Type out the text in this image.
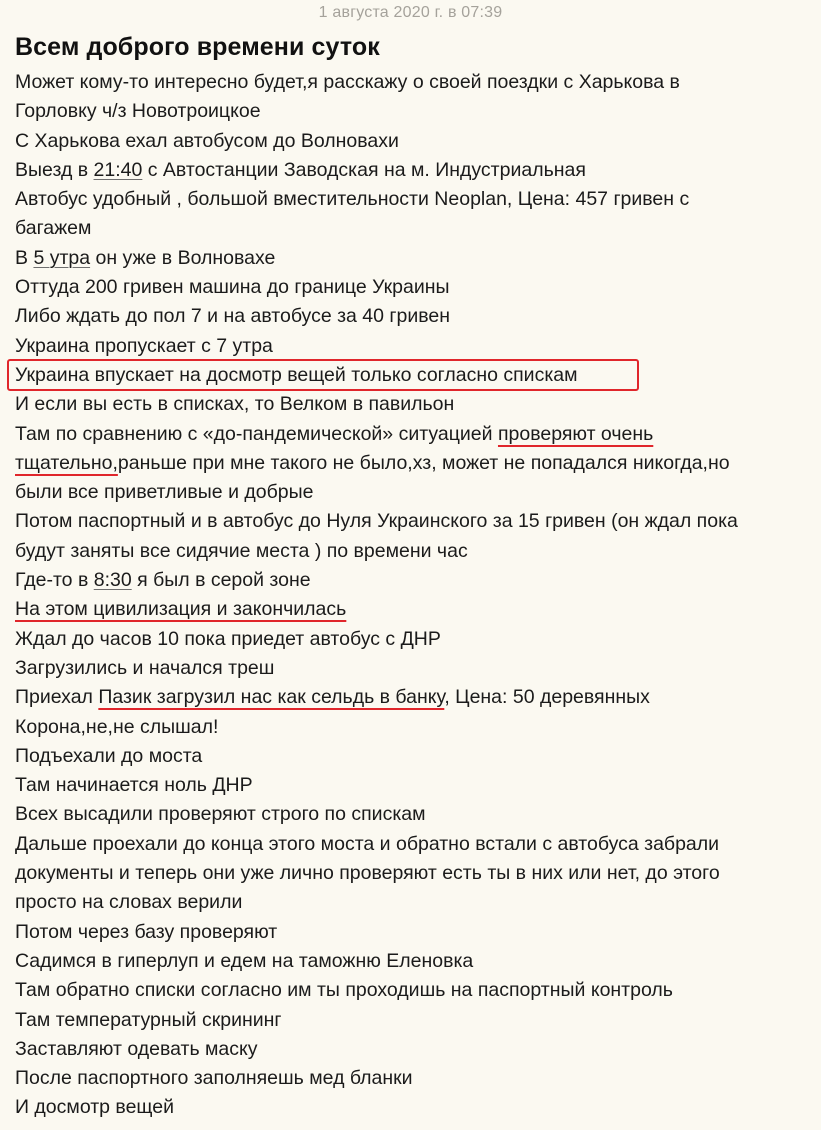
1 августа 2020 г. в 07:39
Всем доброго времени суток
Может кому-то интересно будет,я расскажу о своей поездки с Харькова в
Горловку ч/з Новотроицкое
С Харькова ехал автобусом до Волновахи
Выезд в 21:40 с Автостанции Заводская на м. Индустриальная
Автобус удобный , большой вместительности Neoplan, Цена: 457 гривен с
багажем
В 5 утра он уже в Волновахе
Оттуда 200 гривен машина до границе Украины
Либо ждать до пол 7 и на автобусе за 40 гривен
Украина пропускает с 7 утра
Украина впускает на досмотр вещей только согласно спискам
И если вы есть в списках, то Велком в павильон
Там по сравнению с «до-пандемической» ситуацией проверяют очень
тщательно,раньше при мне такого не было,хз, может не попадался никогда,но
были все приветливые и добрые
Потом паспортный и в автобус до Нуля Украинского за 15 гривен (он ждал пока
будут заняты все сидячие места ) по времени час
Где-то в 8:30 я был в серой зоне
На этом цивилизация и закончилась
Ждал до часов 10 пока приедет автобус с ДНР
Загрузились и начался треш
Приехал Пазик загрузил нас как сельдь в банку, Цена: 50 деревянных
Корона,не,не слышал!
Подъехали до моста
Там начинается ноль ДНР
Всех высадили проверяют строго по спискам
Дальше проехали до конца этого моста и обратно встали с автобуса забрали
документы и теперь они уже лично проверяют есть ты в них или нет, до этого
просто на словах верили
Потом через базу проверяют
Садимся в гиперлуп и едем на таможню Еленовка
Там обратно списки согласно им ты проходишь на паспортный контроль
Там температурный скрининг
Заставляют одевать маску
После паспортного заполняешь мед бланки
И досмотр вещей
